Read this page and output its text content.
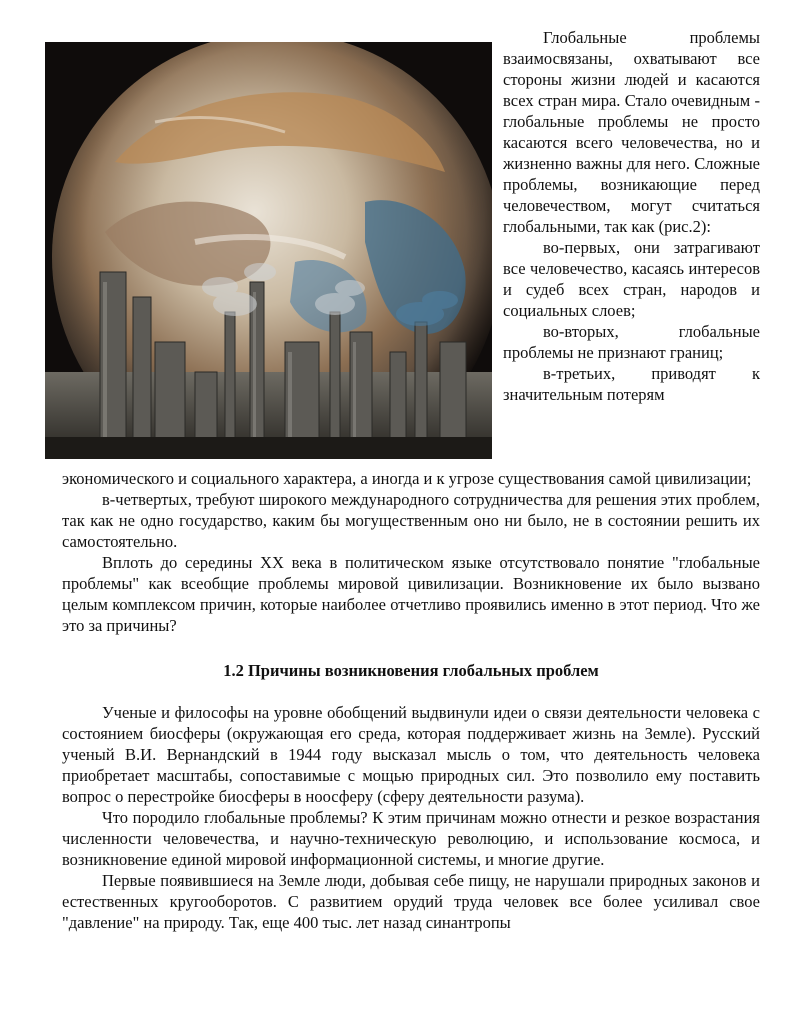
Глобальные проблемы взаимосвязаны, охватывают все стороны жизни людей и касаются всех стран мира. Стало очевидным - глобальные проблемы не просто касаются всего человечества, но и жизненно важны для него. Сложные проблемы, возникающие перед человечеством, могут считаться глобальными, так как (рис.2):

во-первых, они затрагивают все человечество, касаясь интересов и судеб всех стран, народов и социальных слоев;

во-вторых, глобальные проблемы не признают границ;

в-третьих, приводят к значительным потерям

экономического и социального характера, а иногда и к угрозе существования самой цивилизации;

в-четвертых, требуют широкого международного сотрудничества для решения этих проблем, так как не одно государство, каким бы могущественным оно ни было, не в состоянии решить их самостоятельно.

Вплоть до середины XX века в политическом языке отсутствовало понятие "глобальные проблемы" как всеобщие проблемы мировой цивилизации. Возникновение их было вызвано целым комплексом причин, которые наиболее отчетливо проявились именно в этот период. Что же это за причины?

1.2 Причины возникновения глобальных проблем

Ученые и философы на уровне обобщений выдвинули идеи о связи деятельности человека с состоянием биосферы (окружающая его среда, которая поддерживает жизнь на Земле). Русский ученый В.И. Вернандский в 1944 году высказал мысль о том, что деятельность человека приобретает масштабы, сопоставимые с мощью природных сил. Это позволило ему поставить вопрос о перестройке биосферы в ноосферу (сферу деятельности разума).

Что породило глобальные проблемы? К этим причинам можно отнести и резкое возрастания численности человечества, и научно-техническую революцию, и использование космоса, и возникновение единой мировой информационной системы, и многие другие.

Первые появившиеся на Земле люди, добывая себе пищу, не нарушали природных законов и естественных кругооборотов. С развитием орудий труда человек все более усиливал свое "давление" на природу. Так, еще 400 тыс. лет назад синантропы
